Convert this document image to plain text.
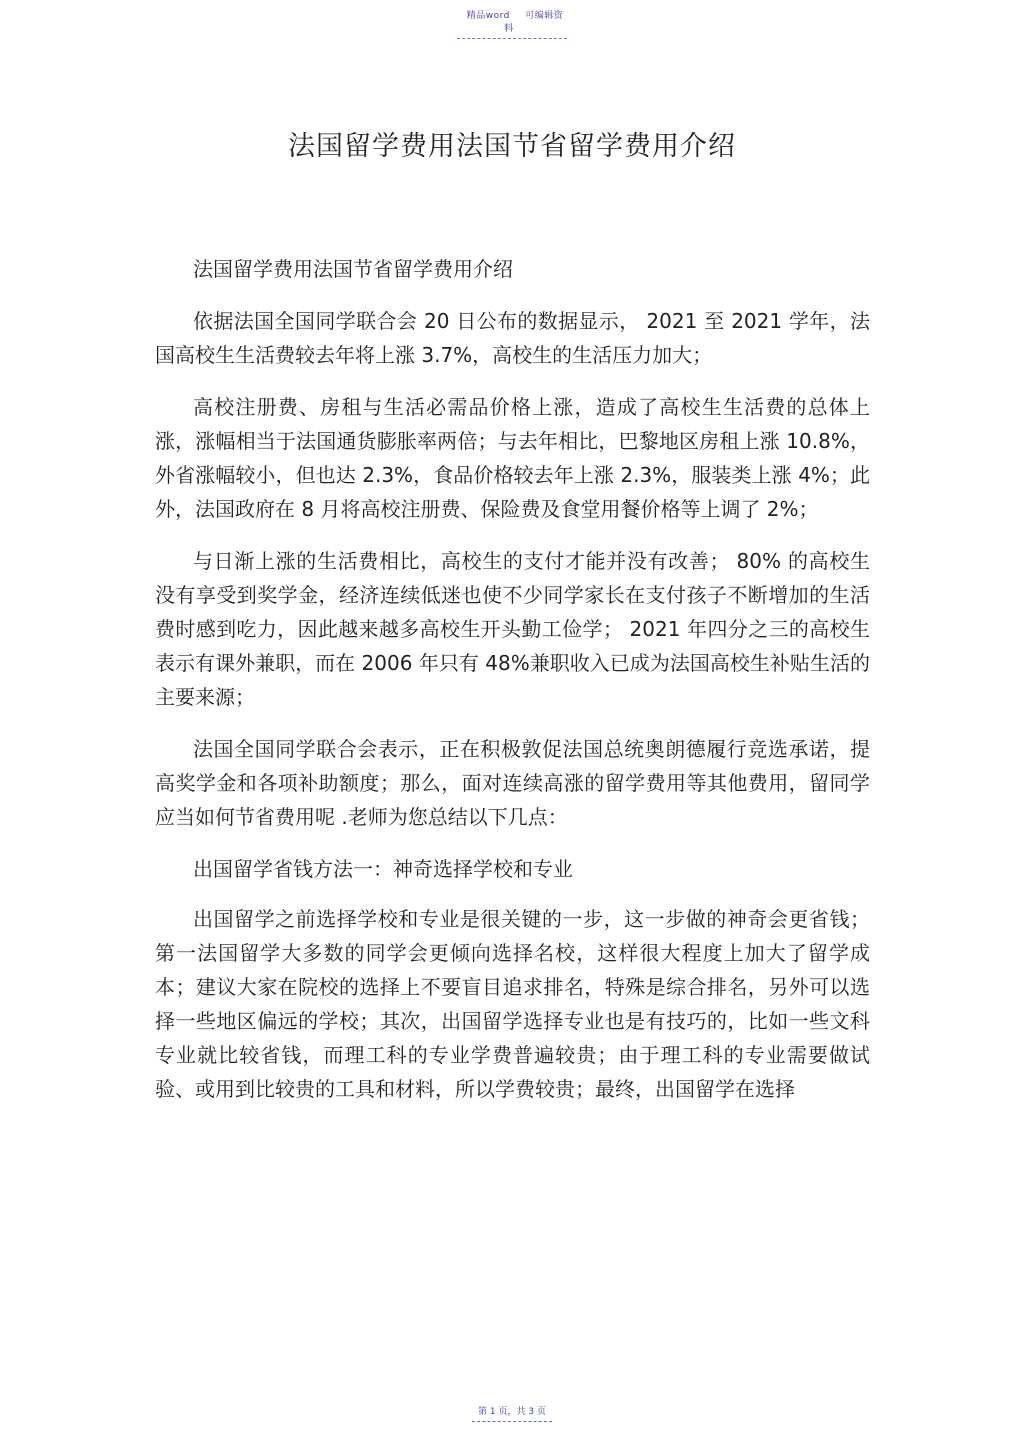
精品word 可编辑资料
法国留学费用法国节省留学费用介绍

法国留学费用法国节省留学费用介绍

依据法国全国同学联合会 20 日公布的数据显示， 2021 至 2021 学年，法国高校生生活费较去年将上涨 3.7%，高校生的生活压力加大；

高校注册费、房租与生活必需品价格上涨，造成了高校生生活费的总体上涨，涨幅相当于法国通货膨胀率两倍；与去年相比，巴黎地区房租上涨 10.8%，外省涨幅较小，但也达 2.3%，食品价格较去年上涨 2.3%，服装类上涨 4%；此外，法国政府在 8 月将高校注册费、保险费及食堂用餐价格等上调了 2%；

与日渐上涨的生活费相比，高校生的支付才能并没有改善； 80% 的高校生没有享受到奖学金，经济连续低迷也使不少同学家长在支付孩子不断增加的生活费时感到吃力，因此越来越多高校生开头勤工俭学； 2021 年四分之三的高校生表示有课外兼职，而在 2006 年只有 48%兼职收入已成为法国高校生补贴生活的主要来源；

法国全国同学联合会表示，正在积极敦促法国总统奥朗德履行竞选承诺，提高奖学金和各项补助额度；那么，面对连续高涨的留学费用等其他费用，留同学应当如何节省费用呢 .老师为您总结以下几点：

出国留学省钱方法一：神奇选择学校和专业

出国留学之前选择学校和专业是很关键的一步，这一步做的神奇会更省钱；第一法国留学大多数的同学会更倾向选择名校，这样很大程度上加大了留学成本；建议大家在院校的选择上不要盲目追求排名，特殊是综合排名，另外可以选择一些地区偏远的学校；其次，出国留学选择专业也是有技巧的，比如一些文科专业就比较省钱，而理工科的专业学费普遍较贵；由于理工科的专业需要做试验、或用到比较贵的工具和材料，所以学费较贵；最终，出国留学在选择

第 1 页，共 3 页
